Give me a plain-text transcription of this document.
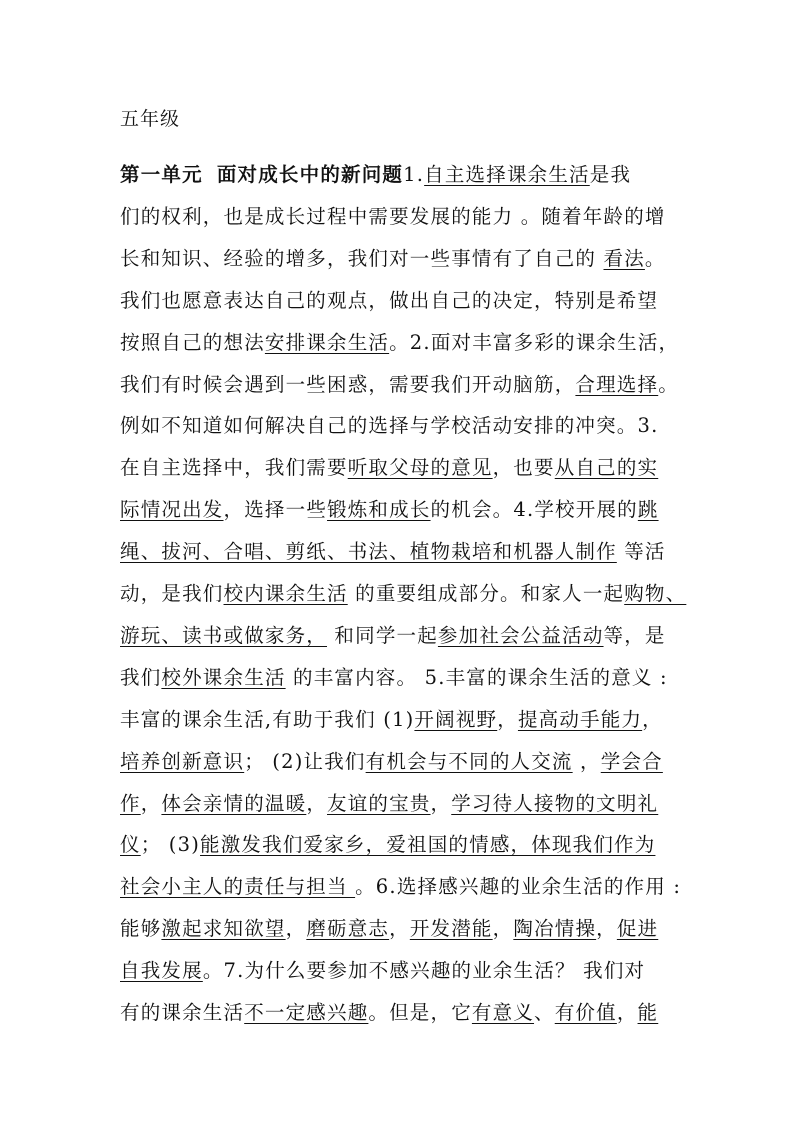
五年级
第一单元 面对成长中的新问题1.自主选择课余生活是我
们的权利，也是成长过程中需要发展的能力 。随着年龄的增
长和知识、经验的增多，我们对一些事情有了自己的 看法。
我们也愿意表达自己的观点，做出自己的决定，特别是希望
按照自己的想法安排课余生活。2.面对丰富多彩的课余生活，
我们有时候会遇到一些困惑，需要我们开动脑筋，合理选择。
例如不知道如何解决自己的选择与学校活动安排的冲突。3.
在自主选择中，我们需要听取父母的意见，也要从自己的实
际情况出发，选择一些锻炼和成长的机会。4.学校开展的跳
绳、拔河、合唱、剪纸、书法、植物栽培和机器人制作 等活
动，是我们校内课余生活 的重要组成部分。和家人一起购物、
游玩、读书或做家务， 和同学一起参加社会公益活动等，是
我们校外课余生活 的丰富内容。 5.丰富的课余生活的意义 :
丰富的课余生活,有助于我们 (1)开阔视野，提高动手能力，
培养创新意识； (2)让我们有机会与不同的人交流 ，学会合
作，体会亲情的温暖，友谊的宝贵，学习待人接物的文明礼
仪； (3)能激发我们爱家乡，爱祖国的情感，体现我们作为
社会小主人的责任与担当 。6.选择感兴趣的业余生活的作用 :
能够激起求知欲望，磨砺意志，开发潜能，陶冶情操，促进
自我发展。7.为什么要参加不感兴趣的业余生活？ 我们对
有的课余生活不一定感兴趣。但是，它有意义、有价值，能
